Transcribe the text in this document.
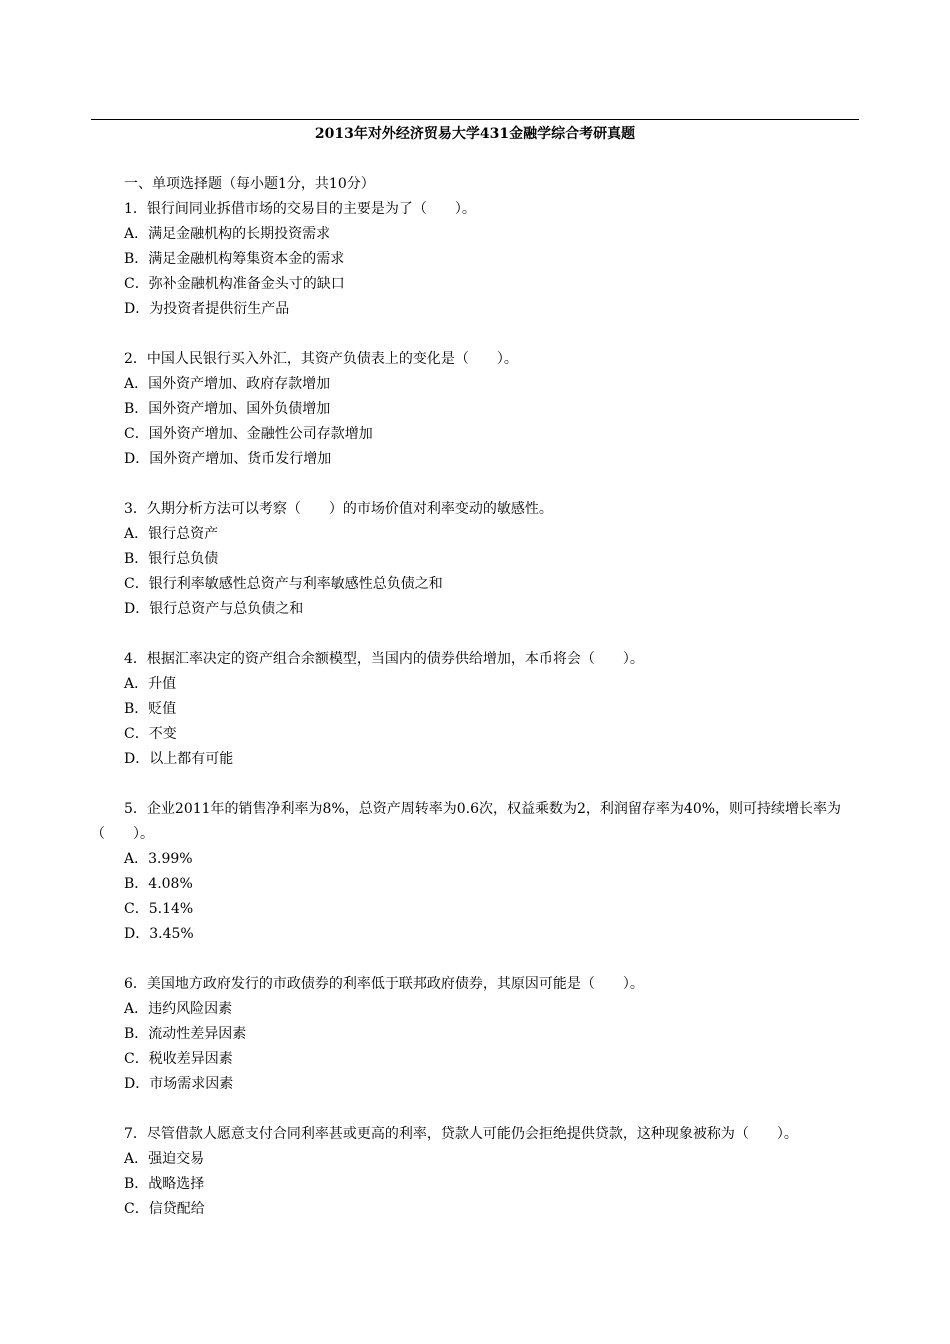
2013年对外经济贸易大学431金融学综合考研真题
一、单项选择题（每小题1分，共10分）
1．银行间同业拆借市场的交易目的主要是为了（　　）。
A．满足金融机构的长期投资需求
B．满足金融机构筹集资本金的需求
C．弥补金融机构准备金头寸的缺口
D．为投资者提供衍生产品
2．中国人民银行买入外汇，其资产负债表上的变化是（　　）。
A．国外资产增加、政府存款增加
B．国外资产增加、国外负债增加
C．国外资产增加、金融性公司存款增加
D．国外资产增加、货币发行增加
3．久期分析方法可以考察（　　）的市场价值对利率变动的敏感性。
A．银行总资产
B．银行总负债
C．银行利率敏感性总资产与利率敏感性总负债之和
D．银行总资产与总负债之和
4．根据汇率决定的资产组合余额模型，当国内的债券供给增加，本币将会（　　）。
A．升值
B．贬值
C．不变
D．以上都有可能
5．企业2011年的销售净利率为8%，总资产周转率为0.6次，权益乘数为2，利润留存率为40%，则可持续增长率为（　　）。
A．3.99%
B．4.08%
C．5.14%
D．3.45%
6．美国地方政府发行的市政债券的利率低于联邦政府债券，其原因可能是（　　）。
A．违约风险因素
B．流动性差异因素
C．税收差异因素
D．市场需求因素
7．尽管借款人愿意支付合同利率甚或更高的利率，贷款人可能仍会拒绝提供贷款，这种现象被称为（　　）。
A．强迫交易
B．战略选择
C．信贷配给
